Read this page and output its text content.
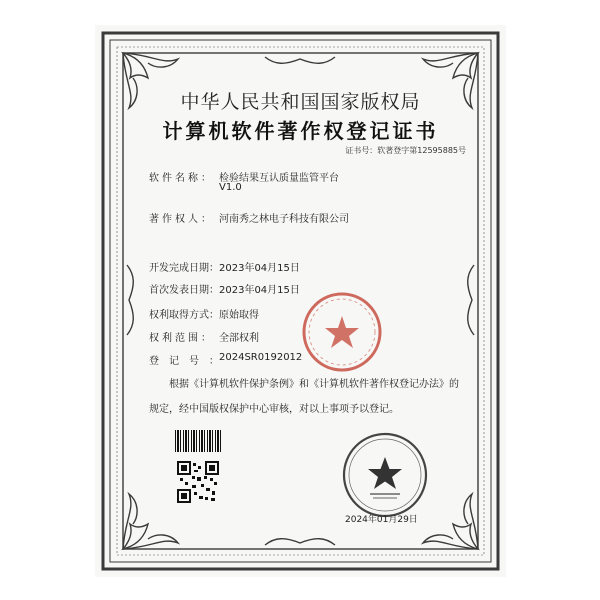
中华人民共和国国家版权局
计算机软件著作权登记证书
证书号：软著登字第12595885号
软件名称： 检验结果互认质量监管平台
V1.0
著作权人： 河南秀之林电子科技有限公司
开发完成日期： 2023年04月15日
首次发表日期： 2023年04月15日
权利取得方式： 原始取得
权利范围： 全部权利
登记号：
2024SR0192012
根据《计算机软件保护条例》和《计算机软件著作权登记办法》的
规定，经中国版权保护中心审核，对以上事项予以登记。
2024年01月29日
